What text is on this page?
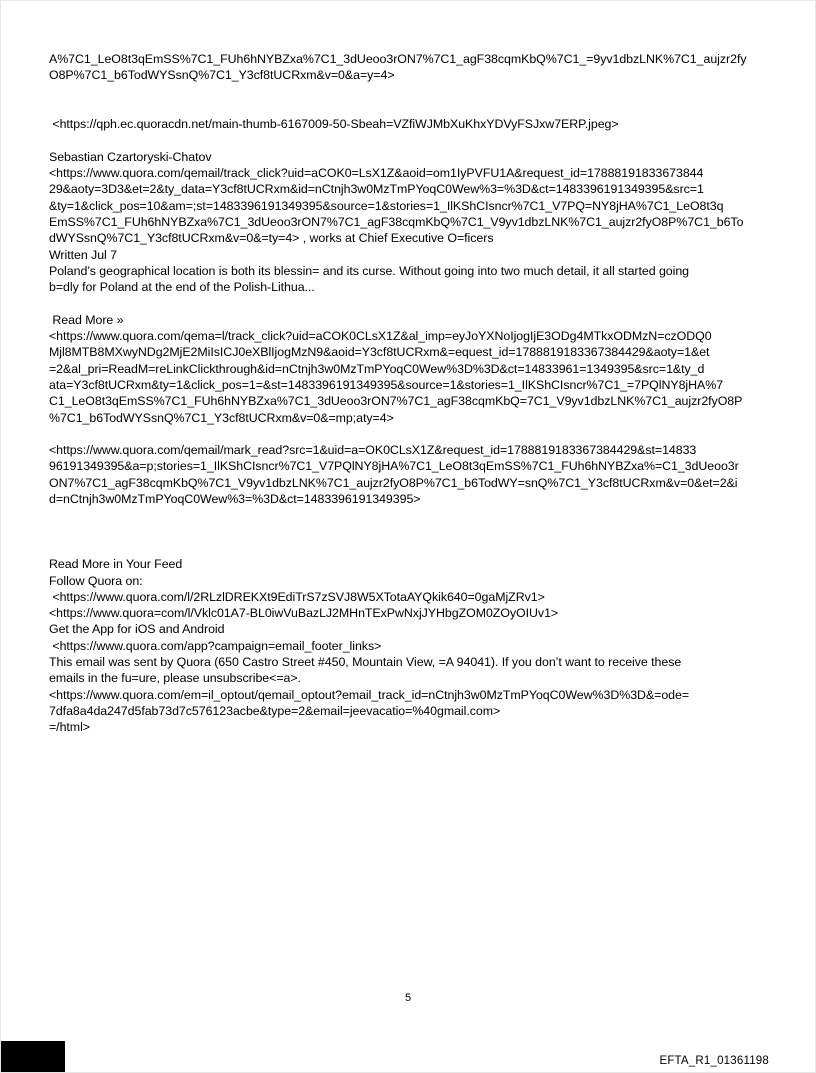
A%7C1_LeO8t3qEmSS%7C1_FUh6hNYBZxa%7C1_3dUeoo3rON7%7C1_agF38cqmKbQ%7C1_=9yv1dbzLNK%7C1_aujzr2fy
O8P%7C1_b6TodWYSsnQ%7C1_Y3cf8tUCRxm&v=0&a=y=4>

<https://qph.ec.quoracdn.net/main-thumb-6167009-50-Sbeah=VZfiWJMbXuKhxYDVyFSJxw7ERP.jpeg>

Sebastian Czartoryski-Chatov
<https://www.quora.com/qemail/track_click?uid=aCOK0=LsX1Z&aoid=om1IyPVFU1A&request_id=17888191833673844
29&aoty=3D3&et=2&ty_data=Y3cf8tUCRxm&id=nCtnjh3w0MzTmPYoqC0Wew%3=%3D&ct=1483396191349395&src=1
&ty=1&click_pos=10&am=;st=1483396191349395&source=1&stories=1_IlKShCIsncr%7C1_V7PQ=NY8jHA%7C1_LeO8t3q
EmSS%7C1_FUh6hNYBZxa%7C1_3dUeoo3rON7%7C1_agF38cqmKbQ%7C1_V9yv1dbzLNK%7C1_aujzr2fyO8P%7C1_b6To
dWYSsnQ%7C1_Y3cf8tUCRxm&v=0&=ty=4> , works at Chief Executive O=ficers
Written Jul 7
Poland’s geographical location is both its blessin= and its curse. Without going into two much detail, it all started going
b=dly for Poland at the end of the Polish-Lithua...

Read More »
<https://www.quora.com/qema=l/track_click?uid=aCOK0CLsX1Z&al_imp=eyJoYXNoIjogIjE3ODg4MTkxODMzN=czODQ0
Mjl8MTB8MXwyNDg2MjE2MiIsICJ0eXBlIjogMzN9&aoid=Y3cf8tUCRxm&=equest_id=1788819183367384429&aoty=1&et
=2&al_pri=ReadM=reLinkClickthrough&id=nCtnjh3w0MzTmPYoqC0Wew%3D%3D&ct=14833961=1349395&src=1&ty_d
ata=Y3cf8tUCRxm&ty=1&click_pos=1=&st=1483396191349395&source=1&stories=1_IlKShCIsncr%7C1_=7PQlNY8jHA%7
C1_LeO8t3qEmSS%7C1_FUh6hNYBZxa%7C1_3dUeoo3rON7%7C1_agF38cqmKbQ=7C1_V9yv1dbzLNK%7C1_aujzr2fyO8P
%7C1_b6TodWYSsnQ%7C1_Y3cf8tUCRxm&v=0&=mp;aty=4>

<https://www.quora.com/qemail/mark_read?src=1&uid=a=OK0CLsX1Z&request_id=1788819183367384429&st=14833
96191349395&a=p;stories=1_IlKShCIsncr%7C1_V7PQlNY8jHA%7C1_LeO8t3qEmSS%7C1_FUh6hNYBZxa%=C1_3dUeoo3r
ON7%7C1_agF38cqmKbQ%7C1_V9yv1dbzLNK%7C1_aujzr2fyO8P%7C1_b6TodWY=snQ%7C1_Y3cf8tUCRxm&v=0&et=2&i
d=nCtnjh3w0MzTmPYoqC0Wew%3=%3D&ct=1483396191349395>

Read More in Your Feed
Follow Quora on:
<https://www.quora.com/l/2RLzlDREKXt9EdiTrS7zSVJ8W5XTotaAYQkik640=0gaMjZRv1>
<https://www.quora=com/l/Vklc01A7-BL0iwVuBazLJ2MHnTExPwNxjJYHbgZOM0ZOyOIUv1>
Get the App for iOS and Android
<https://www.quora.com/app?campaign=email_footer_links>
This email was sent by Quora (650 Castro Street #450, Mountain View, =A 94041). If you don’t want to receive these
emails in the fu=ure, please unsubscribe<=a>.
<https://www.quora.com/em=il_optout/qemail_optout?email_track_id=nCtnjh3w0MzTmPYoqC0Wew%3D%3D&=ode=
7dfa8a4da247d5fab73d7c576123acbe&type=2&email=jeevacatio=%40gmail.com>
=/html>
5
EFTA_R1_01361198
